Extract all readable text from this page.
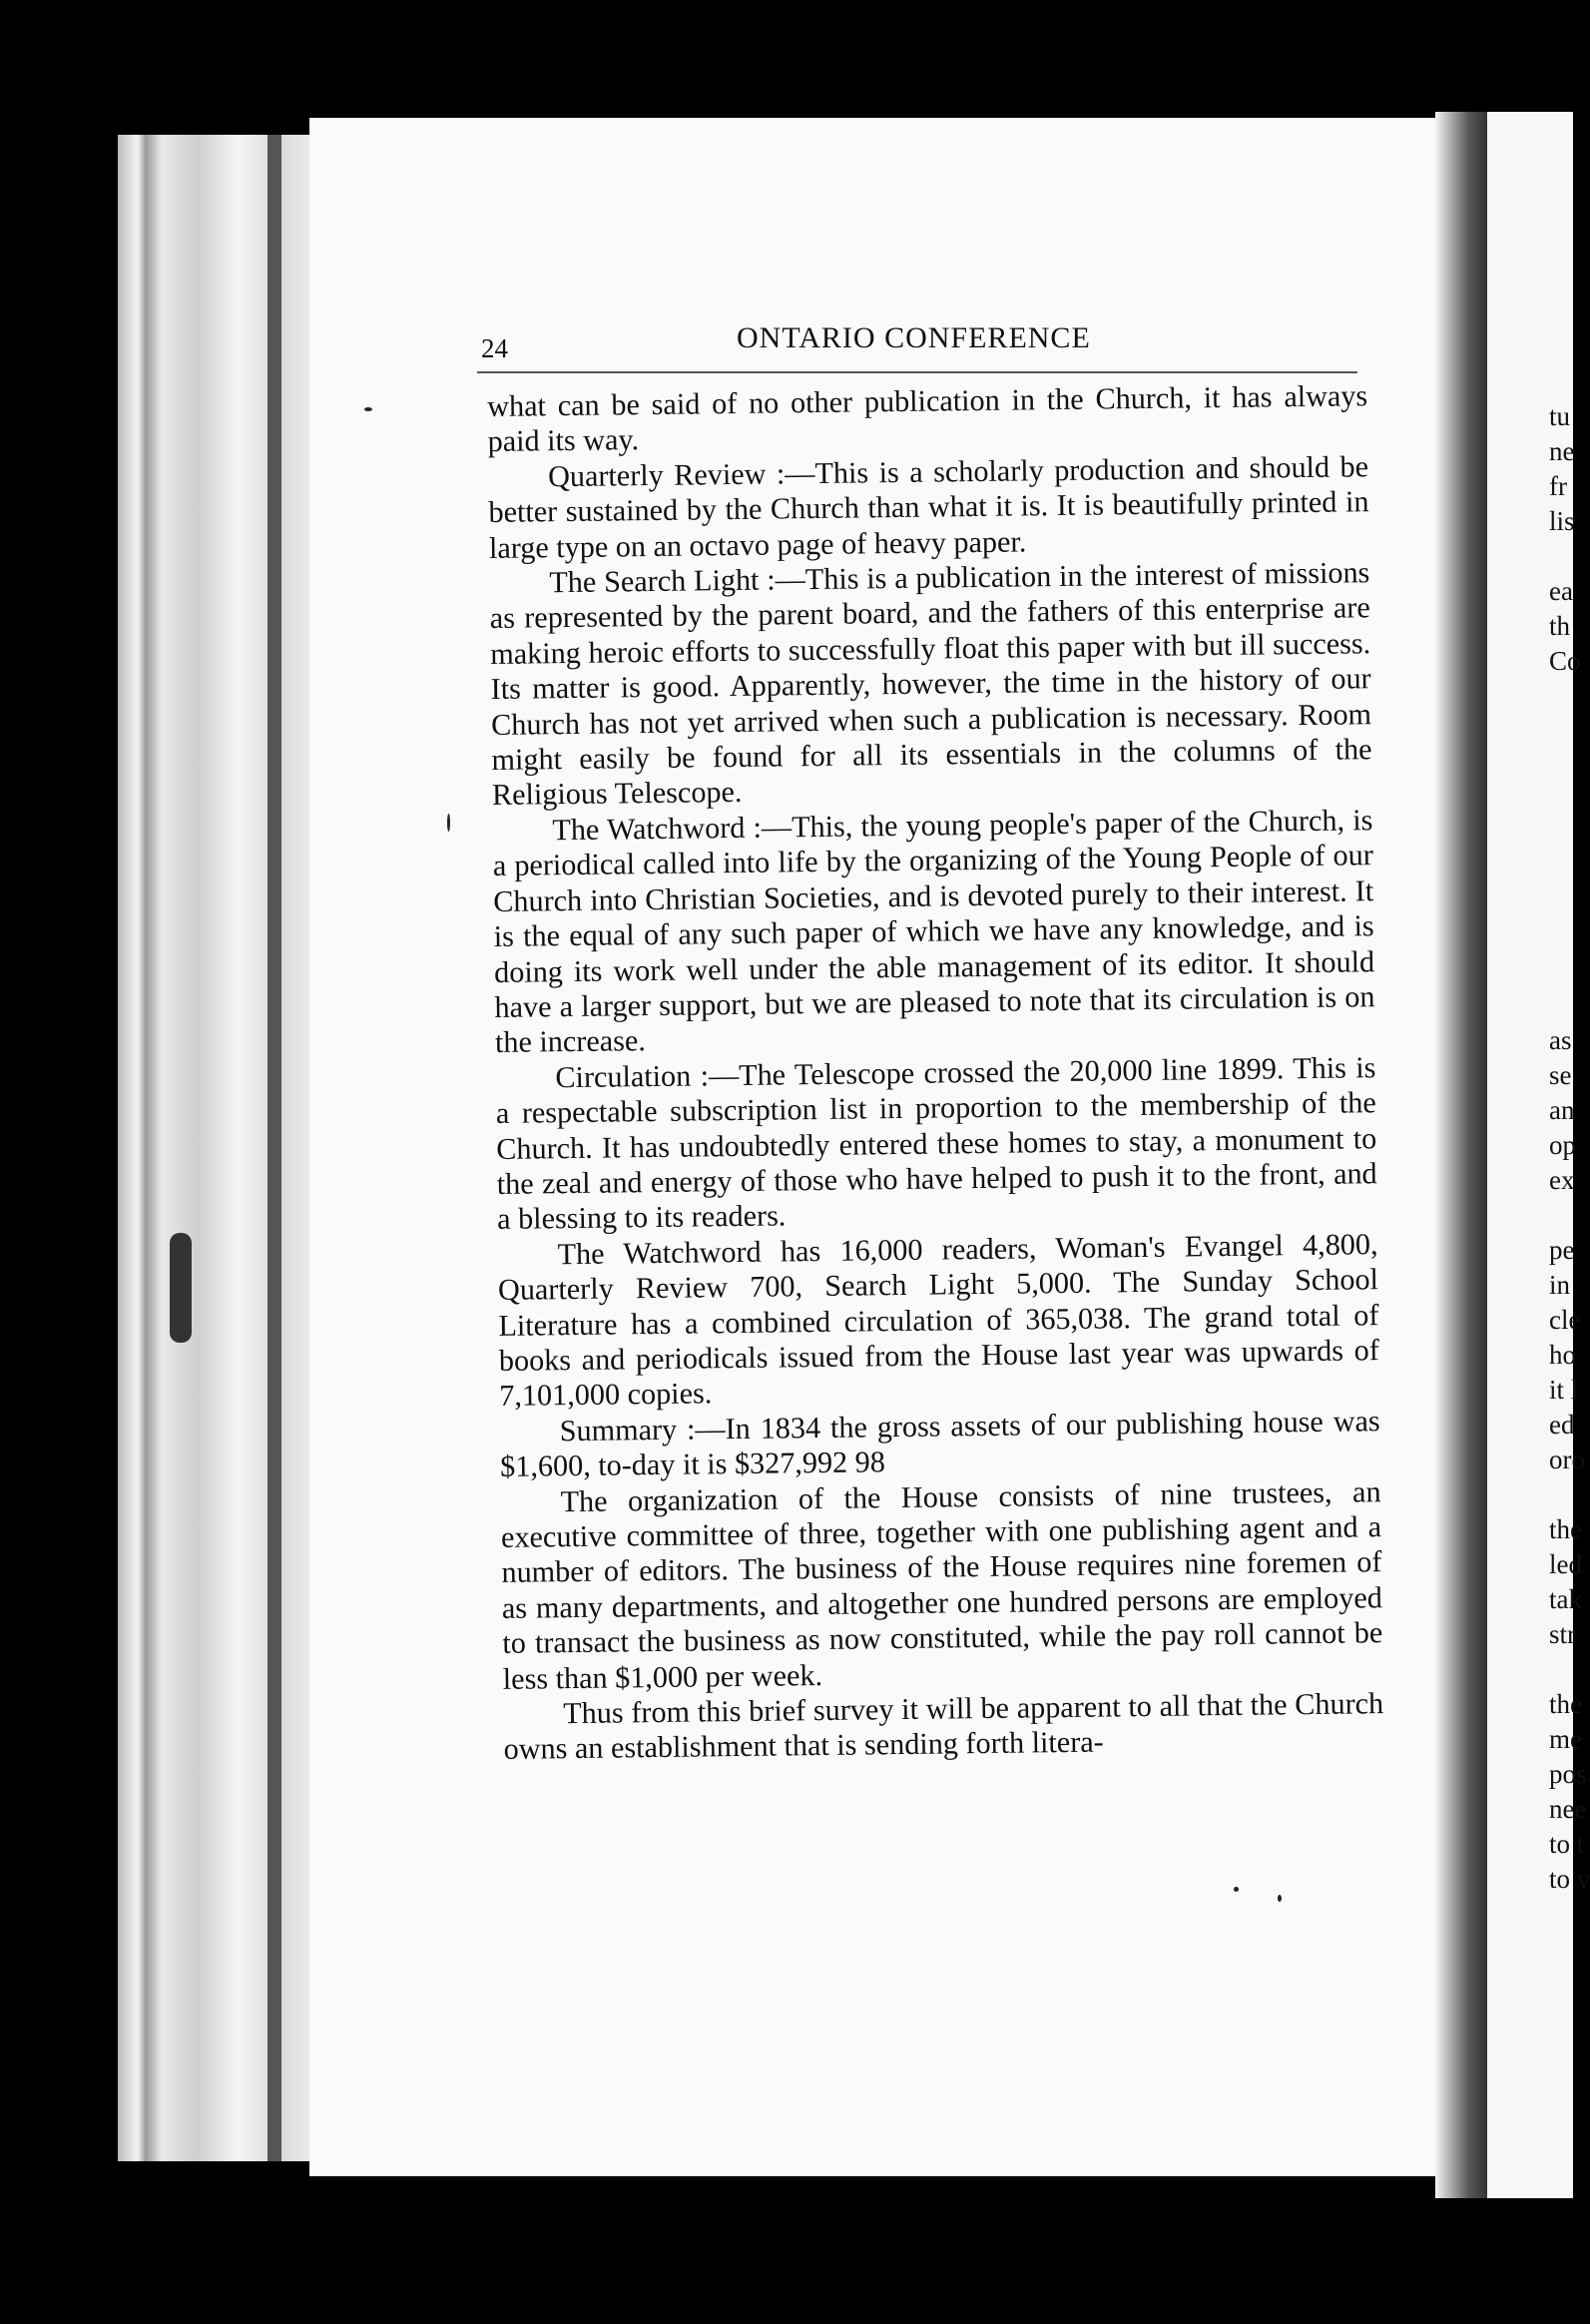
tu
ne
fr
lis
ea
th
Co
as
se
an
op
ex
pe
in
cle
ho
it l
ed
oro
the
led
tak
str
the
me
pos
nee
to t
to v
24	ONTARIO CONFERENCE

what can be said of no other publication in the Church, it has always paid its way.

Quarterly Review :—This is a scholarly production and should be better sustained by the Church than what it is. It is beautifully printed in large type on an octavo page of heavy paper.

The Search Light :—This is a publication in the interest of missions as represented by the parent board, and the fathers of this enterprise are making heroic efforts to successfully float this paper with but ill success. Its matter is good. Apparently, however, the time in the history of our Church has not yet arrived when such a publication is necessary. Room might easily be found for all its essentials in the columns of the Religious Telescope.

The Watchword :—This, the young people's paper of the Church, is a periodical called into life by the organizing of the Young People of our Church into Christian Societies, and is devoted purely to their interest. It is the equal of any such paper of which we have any knowledge, and is doing its work well under the able management of its editor. It should have a larger support, but we are pleased to note that its circulation is on the increase.

Circulation :—The Telescope crossed the 20,000 line 1899. This is a respectable subscription list in proportion to the membership of the Church. It has undoubtedly entered these homes to stay, a monument to the zeal and energy of those who have helped to push it to the front, and a blessing to its readers.

The Watchword has 16,000 readers, Woman's Evangel 4,800, Quarterly Review 700, Search Light 5,000. The Sunday School Literature has a combined circulation of 365,038. The grand total of books and periodicals issued from the House last year was upwards of 7,101,000 copies.

Summary :—In 1834 the gross assets of our publishing house was $1,600, to-day it is $327,992 98

The organization of the House consists of nine trustees, an executive committee of three, together with one publishing agent and a number of editors. The business of the House requires nine foremen of as many departments, and altogether one hundred persons are employed to transact the business as now constituted, while the pay roll cannot be less than $1,000 per week.

Thus from this brief survey it will be apparent to all that the Church owns an establishment that is sending forth litera-
